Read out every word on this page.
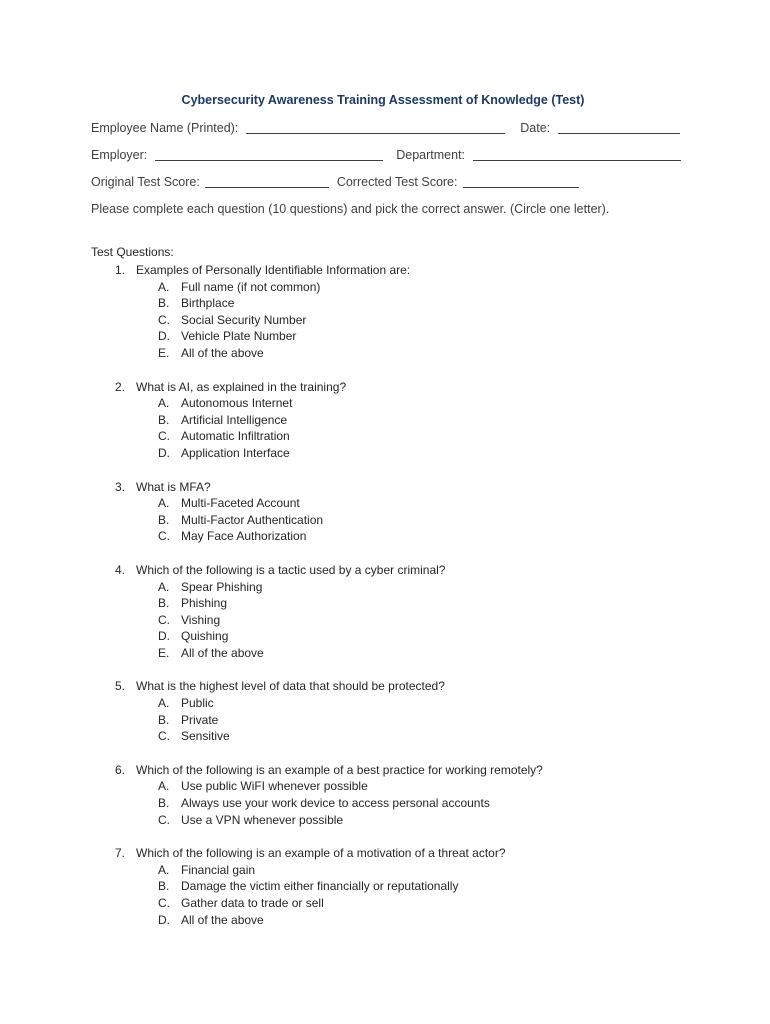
Cybersecurity Awareness Training Assessment of Knowledge (Test)
Employee Name (Printed):	Date:
Employer:	Department:
Original Test Score:	Corrected Test Score:
Please complete each question (10 questions) and pick the correct answer. (Circle one letter).
Test Questions:
1. Examples of Personally Identifiable Information are:
A. Full name (if not common)
B. Birthplace
C. Social Security Number
D. Vehicle Plate Number
E. All of the above
2. What is AI, as explained in the training?
A. Autonomous Internet
B. Artificial Intelligence
C. Automatic Infiltration
D. Application Interface
3. What is MFA?
A. Multi-Faceted Account
B. Multi-Factor Authentication
C. May Face Authorization
4. Which of the following is a tactic used by a cyber criminal?
A. Spear Phishing
B. Phishing
C. Vishing
D. Quishing
E. All of the above
5. What is the highest level of data that should be protected?
A. Public
B. Private
C. Sensitive
6. Which of the following is an example of a best practice for working remotely?
A. Use public WiFI whenever possible
B. Always use your work device to access personal accounts
C. Use a VPN whenever possible
7. Which of the following is an example of a motivation of a threat actor?
A. Financial gain
B. Damage the victim either financially or reputationally
C. Gather data to trade or sell
D. All of the above
